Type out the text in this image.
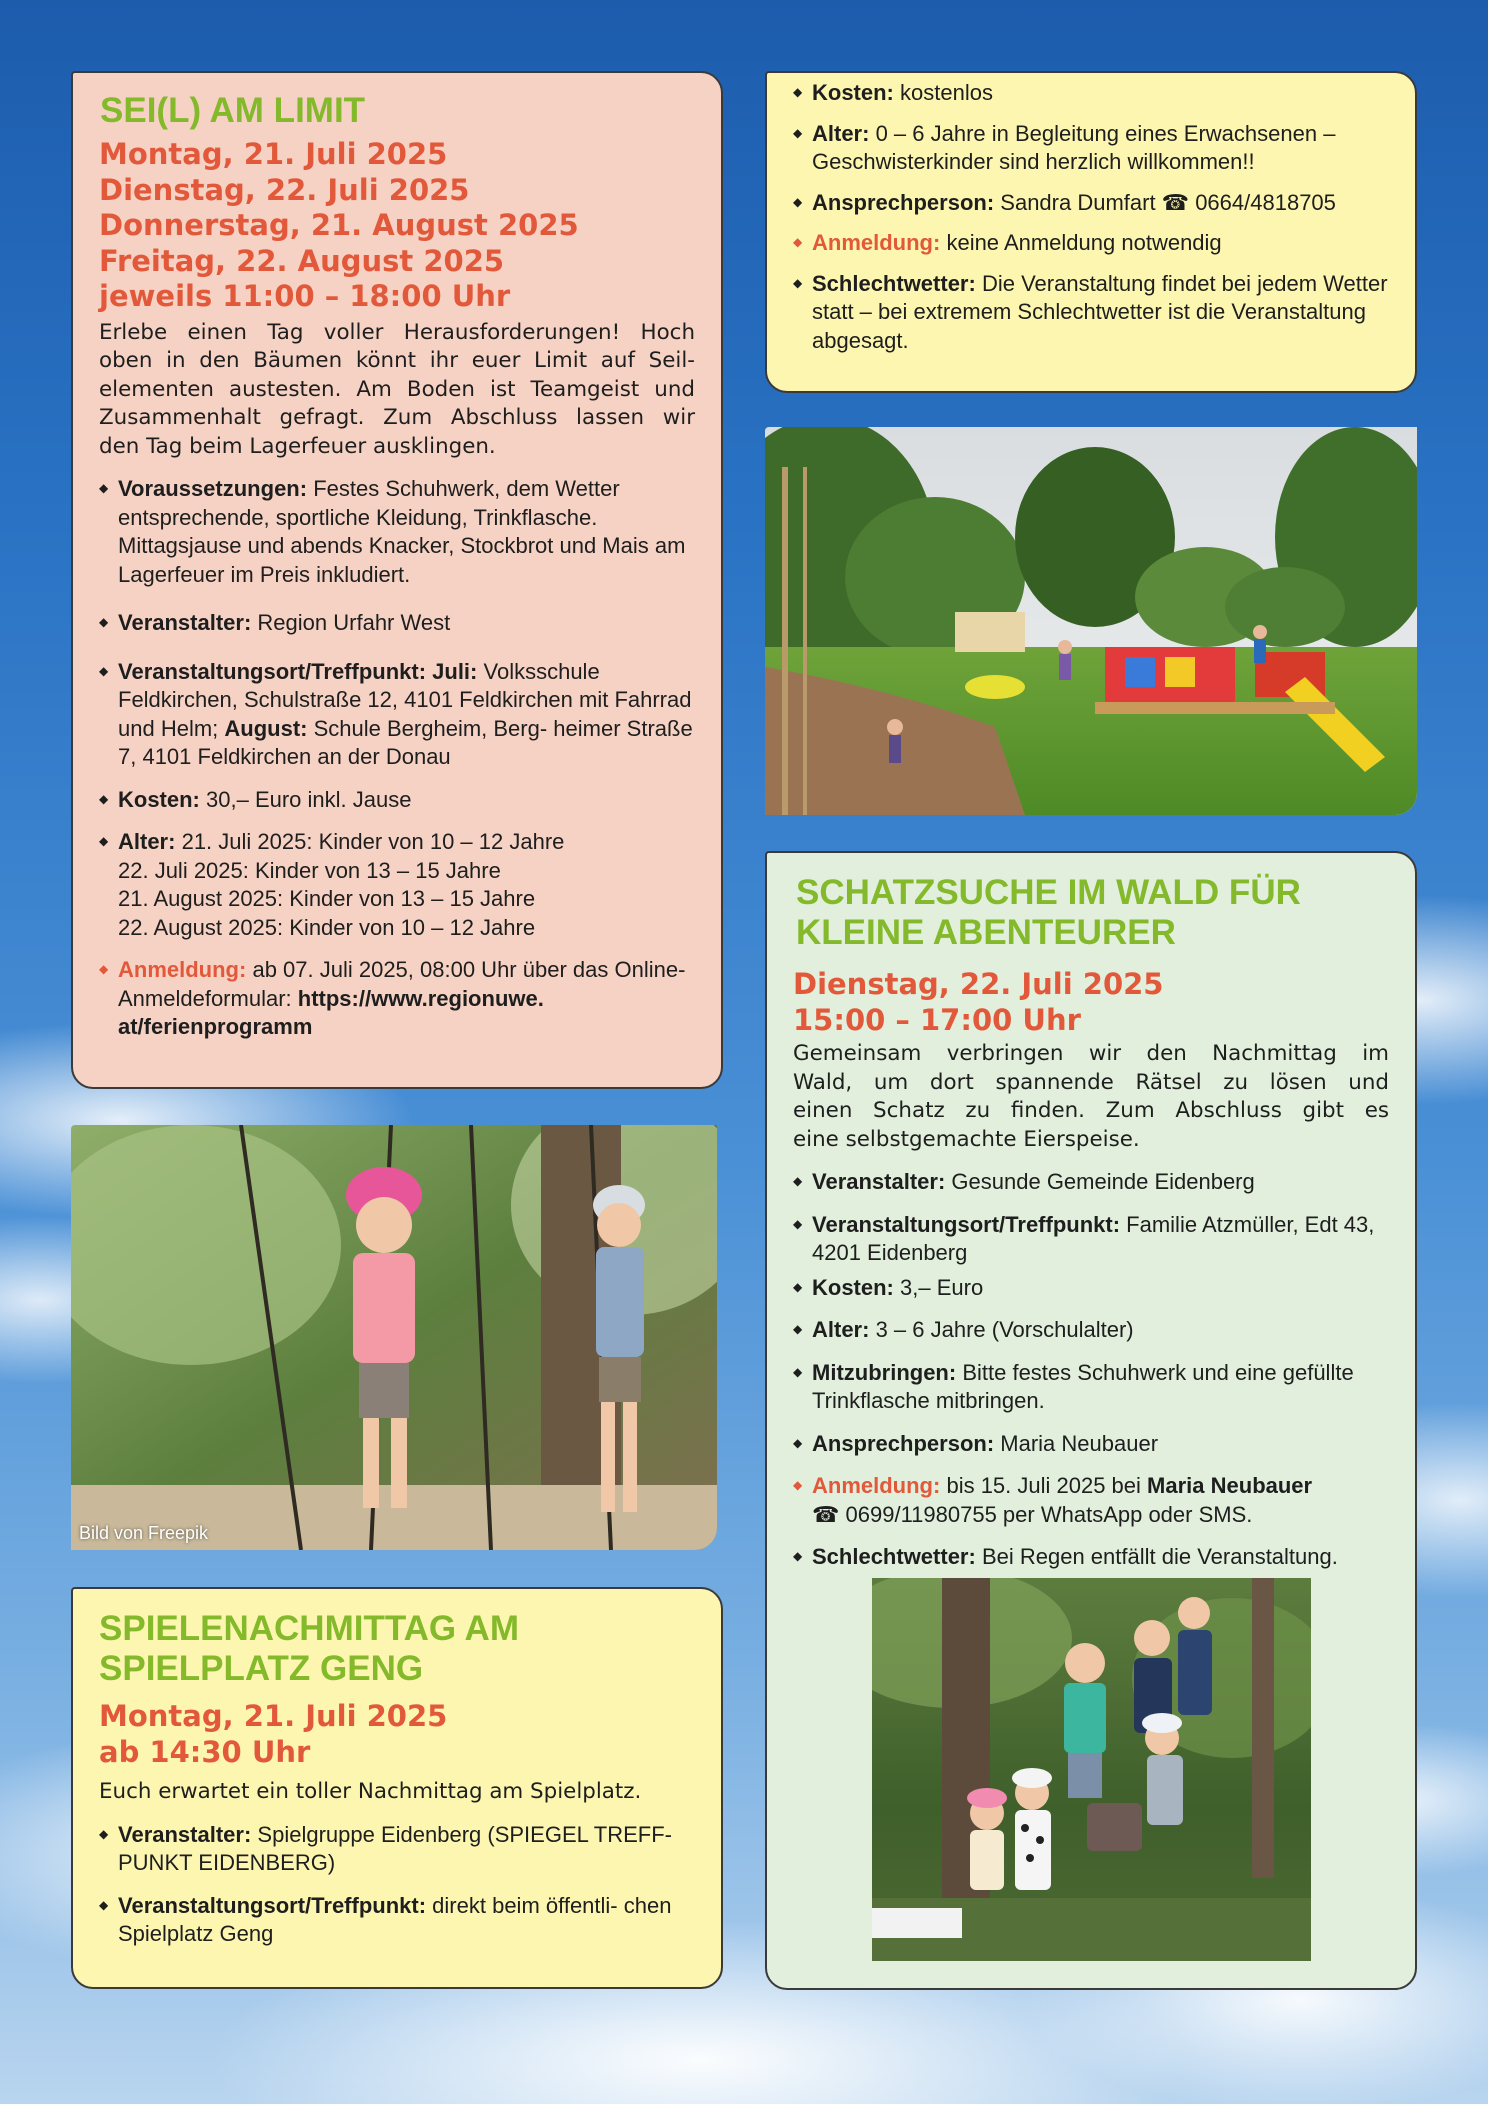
SEI(L) AM LIMIT

Montag, 21. Juli 2025

Dienstag, 22. Juli 2025

Donnerstag, 21. August 2025

Freitag, 22. August 2025

jeweils 11:00 – 18:00 Uhr

Erlebe einen Tag voller Herausforderungen! Hoch

oben in den Bäumen könnt ihr euer Limit auf Seil-

elementen austesten. Am Boden ist Teamgeist und

Zusammenhalt gefragt. Zum Abschluss lassen wir

den Tag beim Lagerfeuer ausklingen.

◆ Voraussetzungen: Festes Schuhwerk, dem Wetter entsprechende, sportliche Kleidung, Trinkflasche. Mittagsjause und abends Knacker, Stockbrot und Mais am Lagerfeuer im Preis inkludiert.
◆ Veranstalter: Region Urfahr West
◆ Veranstaltungsort/Treffpunkt: Juli: Volksschule Feldkirchen, Schulstraße 12, 4101 Feldkirchen mit Fahrrad und Helm; August: Schule Bergheim, Berg- heimer Straße 7, 4101 Feldkirchen an der Donau
◆ Kosten: 30,– Euro inkl. Jause
◆ Alter: 21. Juli 2025: Kinder von 10 – 12 Jahre
22. Juli 2025: Kinder von 13 – 15 Jahre
21. August 2025: Kinder von 13 – 15 Jahre
22. August 2025: Kinder von 10 – 12 Jahre
◆ Anmeldung: ab 07. Juli 2025, 08:00 Uhr über das Online-Anmeldeformular: https://www.regionuwe. at/ferienprogramm
◆ Kosten: kostenlos
◆ Alter: 0 – 6 Jahre in Begleitung eines Erwachsenen – Geschwisterkinder sind herzlich willkommen!!
◆ Ansprechperson: Sandra Dumfart ☎ 0664/4818705
◆ Anmeldung: keine Anmeldung notwendig
◆ Schlechtwetter: Die Veranstaltung findet bei jedem Wetter statt – bei extremem Schlechtwetter ist die Veranstaltung abgesagt.
Bild von Freepik
SPIELENACHMITTAG AM
SPIELPLATZ GENG

Montag, 21. Juli 2025

ab 14:30 Uhr

Euch erwartet ein toller Nachmittag am Spielplatz.

◆ Veranstalter: Spielgruppe Eidenberg (SPIEGEL TREFF- PUNKT EIDENBERG)
◆ Veranstaltungsort/Treffpunkt: direkt beim öffentli- chen Spielplatz Geng
SCHATZSUCHE IM WALD FÜR
KLEINE ABENTEURER

Dienstag, 22. Juli 2025

15:00 – 17:00 Uhr

Gemeinsam verbringen wir den Nachmittag im

Wald, um dort spannende Rätsel zu lösen und

einen Schatz zu finden. Zum Abschluss gibt es

eine selbstgemachte Eierspeise.

◆ Veranstalter: Gesunde Gemeinde Eidenberg
◆ Veranstaltungsort/Treffpunkt: Familie Atzmüller, Edt 43, 4201 Eidenberg
◆ Kosten: 3,– Euro
◆ Alter: 3 – 6 Jahre (Vorschulalter)
◆ Mitzubringen: Bitte festes Schuhwerk und eine gefüllte Trinkflasche mitbringen.
◆ Ansprechperson: Maria Neubauer
◆ Anmeldung: bis 15. Juli 2025 bei Maria Neubauer
☎ 0699/11980755 per WhatsApp oder SMS.
◆ Schlechtwetter: Bei Regen entfällt die Veranstaltung.
